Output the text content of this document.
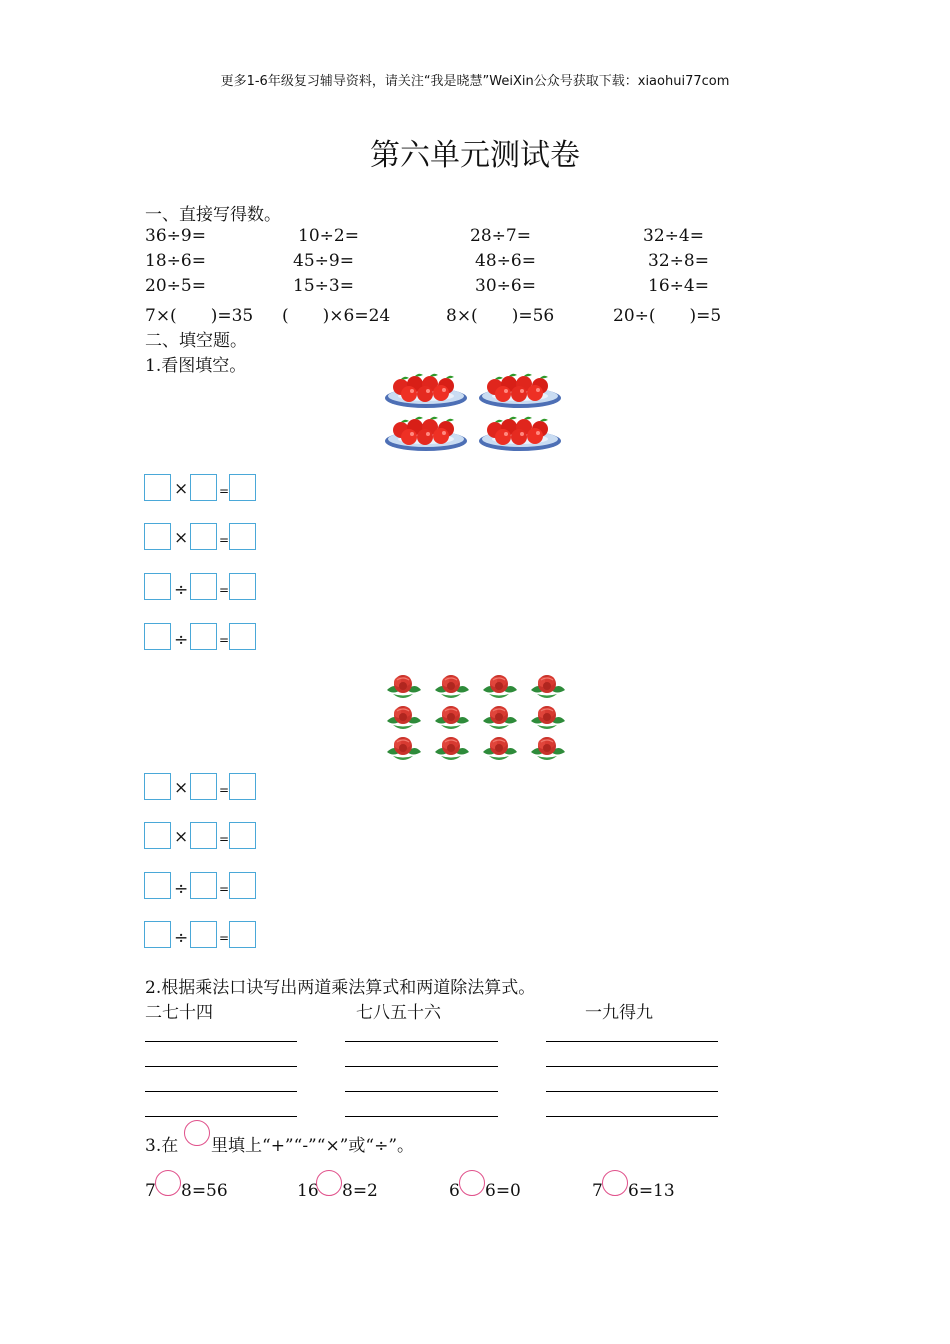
更多1-6年级复习辅导资料，请关注“我是晓慧”WeiXin公众号获取下载：xiaohui77com
第六单元测试卷
一、直接写得数。
36÷9=	10÷2=	28÷7=	32÷4=
18÷6=	45÷9=	48÷6=	32÷8=
20÷5=	15÷3=	30÷6=	16÷4=
7×(　　)=35 (　　)×6=24	8×(　　)=56	20÷(　　)=5
二、填空题。
1.看图填空。
×	=
×	=
÷	=
÷	=
×	=
×	=
÷	=
÷	=
2.根据乘法口诀写出两道乘法算式和两道除法算式。
二七十四	七八五十六	一九得九
3.在 里填上“+”“-”“×”或“÷”。
7 8=56	16 8=2	6 6=0	7 6=13
